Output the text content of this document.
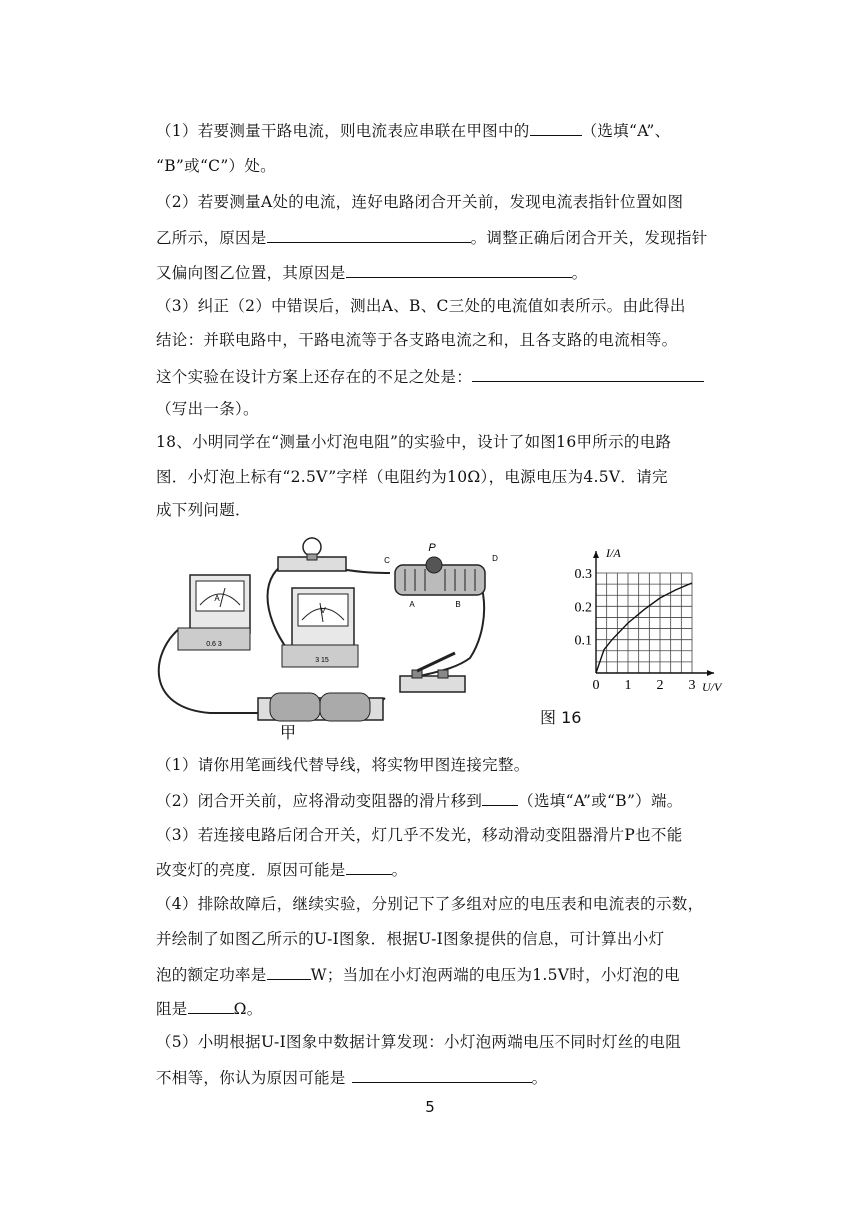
（1）若要测量干路电流，则电流表应串联在甲图中的	（选填“A”、
“B”或“C”）处。
（2）若要测量A处的电流，连好电路闭合开关前，发现电流表指针位置如图
乙所示，原因是	。调整正确后闭合开关，发现指针
又偏向图乙位置，其原因是	。
（3）纠正（2）中错误后，测出A、B、C三处的电流值如表所示。由此得出
结论：并联电路中，干路电流等于各支路电流之和，且各支路的电流相等。
这个实验在设计方案上还存在的不足之处是：
（写出一条）。
18、小明同学在“测量小灯泡电阻”的实验中，设计了如图16甲所示的电路
图．小灯泡上标有“2.5V”字样（电阻约为10Ω），电源电压为4.5V．请完
成下列问题．
A
0.6 3
V
3 15
P
C	D
A	B
甲
0 1 2 3
0.1
0.2
0.3
U/V
I/A
图 16
（1）请你用笔画线代替导线，将实物甲图连接完整。
（2）闭合开关前，应将滑动变阻器的滑片移到 （选填“A”或“B”）端。
（3）若连接电路后闭合开关，灯几乎不发光，移动滑动变阻器滑片P也不能
改变灯的亮度．原因可能是	。
（4）排除故障后，继续实验，分别记下了多组对应的电压表和电流表的示数，
并绘制了如图乙所示的U-I图象．根据U-I图象提供的信息，可计算出小灯
泡的额定功率是	W；当加在小灯泡两端的电压为1.5V时，小灯泡的电
阻是	Ω。
（5）小明根据U-I图象中数据计算发现：小灯泡两端电压不同时灯丝的电阻
不相等，你认为原因可能是	。
5
